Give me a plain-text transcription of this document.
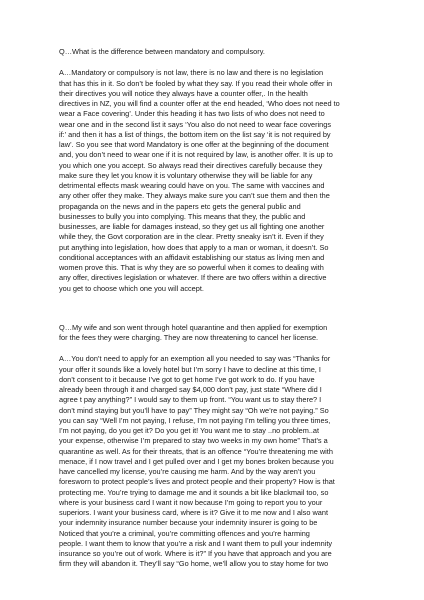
Q…What is the difference between mandatory and compulsory.

A…Mandatory or compulsory is not law, there is no law and there is no legislation
that has this in it. So don’t be fooled by what they say. If you read their whole offer in
their directives you will notice they always have a counter offer,. In the health
directives in NZ, you will find a counter offer at the end headed, ‘Who does not need to
wear a Face covering’. Under this heading it has two lists of who does not need to
wear one and in the second list it says ‘You also do not need to wear face coverings
if:’ and then it has a list of things, the bottom item on the list say ‘it is not required by
law’. So you see that word Mandatory is one offer at the beginning of the document
and, you don’t need to wear one if it is not required by law, is another offer. It is up to
you which one you accept. So always read their directives carefully because they
make sure they let you know it is voluntary otherwise they will be liable for any
detrimental effects mask wearing could have on you. The same with vaccines and
any other offer they make. They always make sure you can’t sue them and then the
propaganda on the news and in the papers etc gets the general public and
businesses to bully you into complying. This means that they, the public and
businesses, are liable for damages instead, so they get us all fighting one another
while they, the Govt corporation are in the clear. Pretty sneaky isn’t it. Even if they
put anything into legislation, how does that apply to a man or woman, it doesn’t. So
conditional acceptances with an affidavit establishing our status as living men and
women prove this. That is why they are so powerful when it comes to dealing with
any offer, directives legislation or whatever. If there are two offers within a directive
you get to choose which one you will accept.

Q…My wife and son went through hotel quarantine and then applied for exemption
for the fees they were charging. They are now threatening to cancel her license.

A…You don’t need to apply for an exemption all you needed to say was “Thanks for
your offer it sounds like a lovely hotel but I’m sorry I have to decline at this time, I
don’t consent to it because I’ve got to get home I’ve got work to do. If you have
already been through it and charged say $4,000 don’t pay, just state “Where did I
agree t pay anything?” I would say to them up front. “You want us to stay there? I
don’t mind staying but you’ll have to pay” They might say “Oh we’re not paying.” So
you can say “Well I’m not paying, I refuse, I’m not paying I’m telling you three times,
I’m not paying, do you get it? Do you get it! You want me to stay ..no problem..at
your expense, otherwise I’m prepared to stay two weeks in my own home” That’s a
quarantine as well. As for their threats, that is an offence “You’re threatening me with
menace, if I now travel and I get pulled over and I get my bones broken because you
have cancelled my license, you’re causing me harm. And by the way aren’t you
foresworn to protect people’s lives and protect people and their property? How is that
protecting me. You’re trying to damage me and it sounds a bit like blackmail too, so
where is your business card I want it now because I’m going to report you to your
superiors. I want your business card, where is it? Give it to me now and I also want
your indemnity insurance number because your indemnity insurer is going to be
Noticed that you’re a criminal, you’re committing offences and you’re harming
people. I want them to know that you’re a risk and I want them to pull your indemnity
insurance so you’re out of work. Where is it?” If you have that approach and you are
firm they will abandon it. They’ll say “Go home, we’ll allow you to stay home for two
